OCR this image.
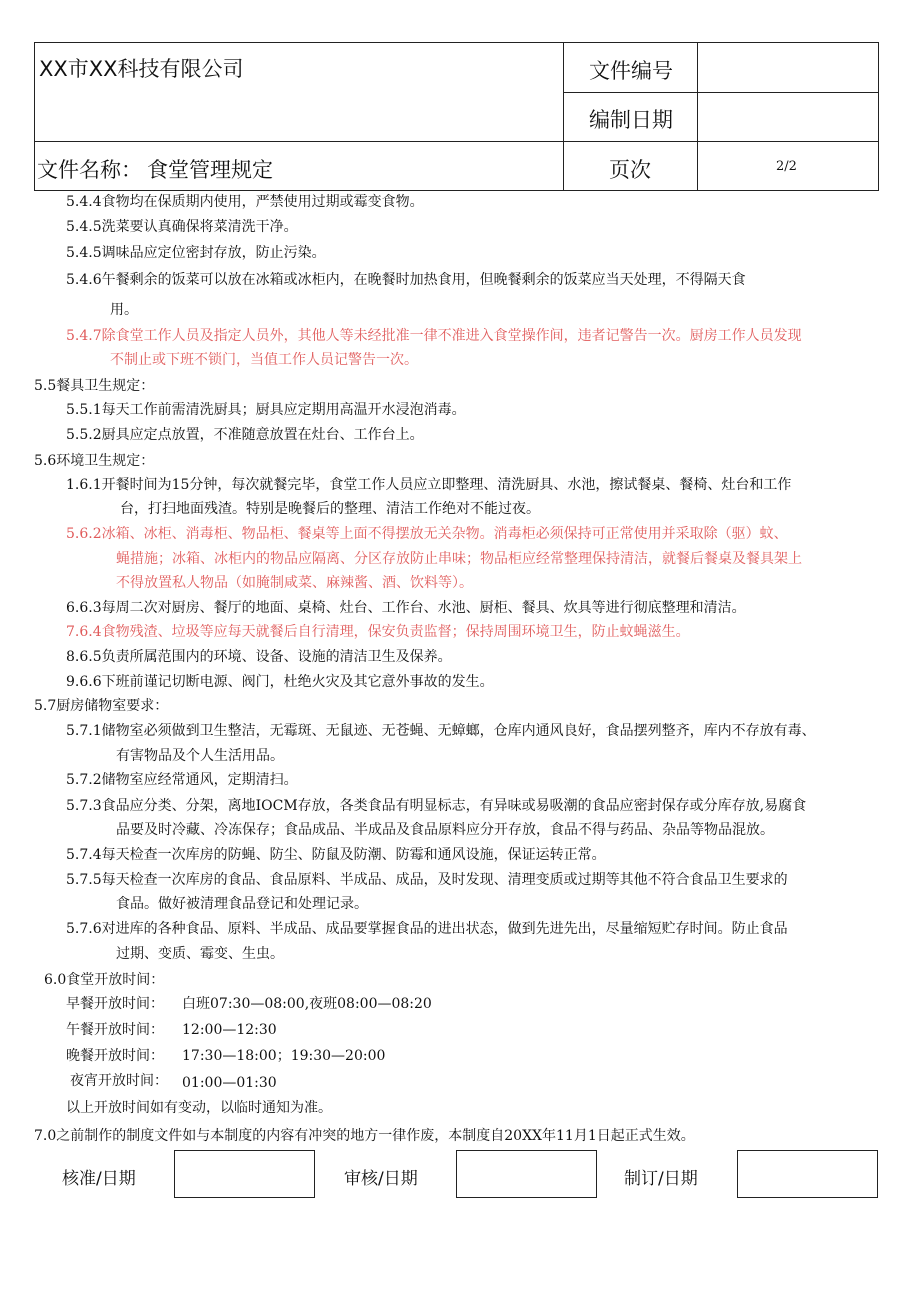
XX市XX科技有限公司	文件编号
编制日期
文件名称： 食堂管理规定	页次	2/2
5.4.4食物均在保质期内使用，严禁使用过期或霉变食物。
5.4.5洗菜要认真确保将菜清洗干净。
5.4.5调味品应定位密封存放，防止污染。
5.4.6午餐剩余的饭菜可以放在冰箱或冰柜内，在晚餐时加热食用，但晚餐剩余的饭菜应当天处理，不得隔天食
用。
5.4.7除食堂工作人员及指定人员外，其他人等未经批准一律不准进入食堂操作间，违者记警告一次。厨房工作人员发现
不制止或下班不锁门，当值工作人员记警告一次。
5.5餐具卫生规定：
5.5.1每天工作前需清洗厨具；厨具应定期用高温开水浸泡消毒。
5.5.2厨具应定点放置，不准随意放置在灶台、工作台上。
5.6环境卫生规定：
1.6.1开餐时间为15分钟，每次就餐完毕，食堂工作人员应立即整理、清洗厨具、水池，擦试餐桌、餐椅、灶台和工作
台，打扫地面残渣。特别是晚餐后的整理、清洁工作绝对不能过夜。
5.6.2冰箱、冰柜、消毒柜、物品柜、餐桌等上面不得摆放无关杂物。消毒柜必须保持可正常使用并采取除（驱）蚊、
蝇措施；冰箱、冰柜内的物品应隔离、分区存放防止串味；物品柜应经常整理保持清洁，就餐后餐桌及餐具架上
不得放置私人物品（如腌制咸菜、麻辣酱、酒、饮料等）。
6.6.3每周二次对厨房、餐厅的地面、桌椅、灶台、工作台、水池、厨柜、餐具、炊具等进行彻底整理和清洁。
7.6.4食物残渣、垃圾等应每天就餐后自行清理，保安负责监督；保持周围环境卫生，防止蚊蝇滋生。
8.6.5负责所属范围内的环境、设备、设施的清洁卫生及保养。
9.6.6下班前谨记切断电源、阀门，杜绝火灾及其它意外事故的发生。
5.7厨房储物室要求：
5.7.1储物室必须做到卫生整洁，无霉斑、无鼠迹、无苍蝇、无蟑螂，仓库内通风良好，食品摆列整齐，库内不存放有毒、
有害物品及个人生活用品。
5.7.2储物室应经常通风，定期清扫。
5.7.3食品应分类、分架，离地IOCM存放，各类食品有明显标志，有异味或易吸潮的食品应密封保存或分库存放,易腐食
品要及时冷藏、冷冻保存；食品成品、半成品及食品原料应分开存放，食品不得与药品、杂品等物品混放。
5.7.4每天检查一次库房的防蝇、防尘、防鼠及防潮、防霉和通风设施，保证运转正常。
5.7.5每天检查一次库房的食品、食品原料、半成品、成品，及时发现、清理变质或过期等其他不符合食品卫生要求的
食品。做好被清理食品登记和处理记录。
5.7.6对进库的各种食品、原料、半成品、成品要掌握食品的进出状态，做到先进先出，尽量缩短贮存时间。防止食品
过期、变质、霉变、生虫。
6.0食堂开放时间：
早餐开放时间： 白班07:30—08:00,夜班08:00—08:20
午餐开放时间： 12:00—12:30
晚餐开放时间： 17:30—18:00；19:30—20:00
夜宵开放时间： 01:00—01:30
以上开放时间如有变动，以临时通知为准。
7.0之前制作的制度文件如与本制度的内容有冲突的地方一律作废，本制度自20XX年11月1日起正式生效。
核准/日期	审核/日期	制订/日期
